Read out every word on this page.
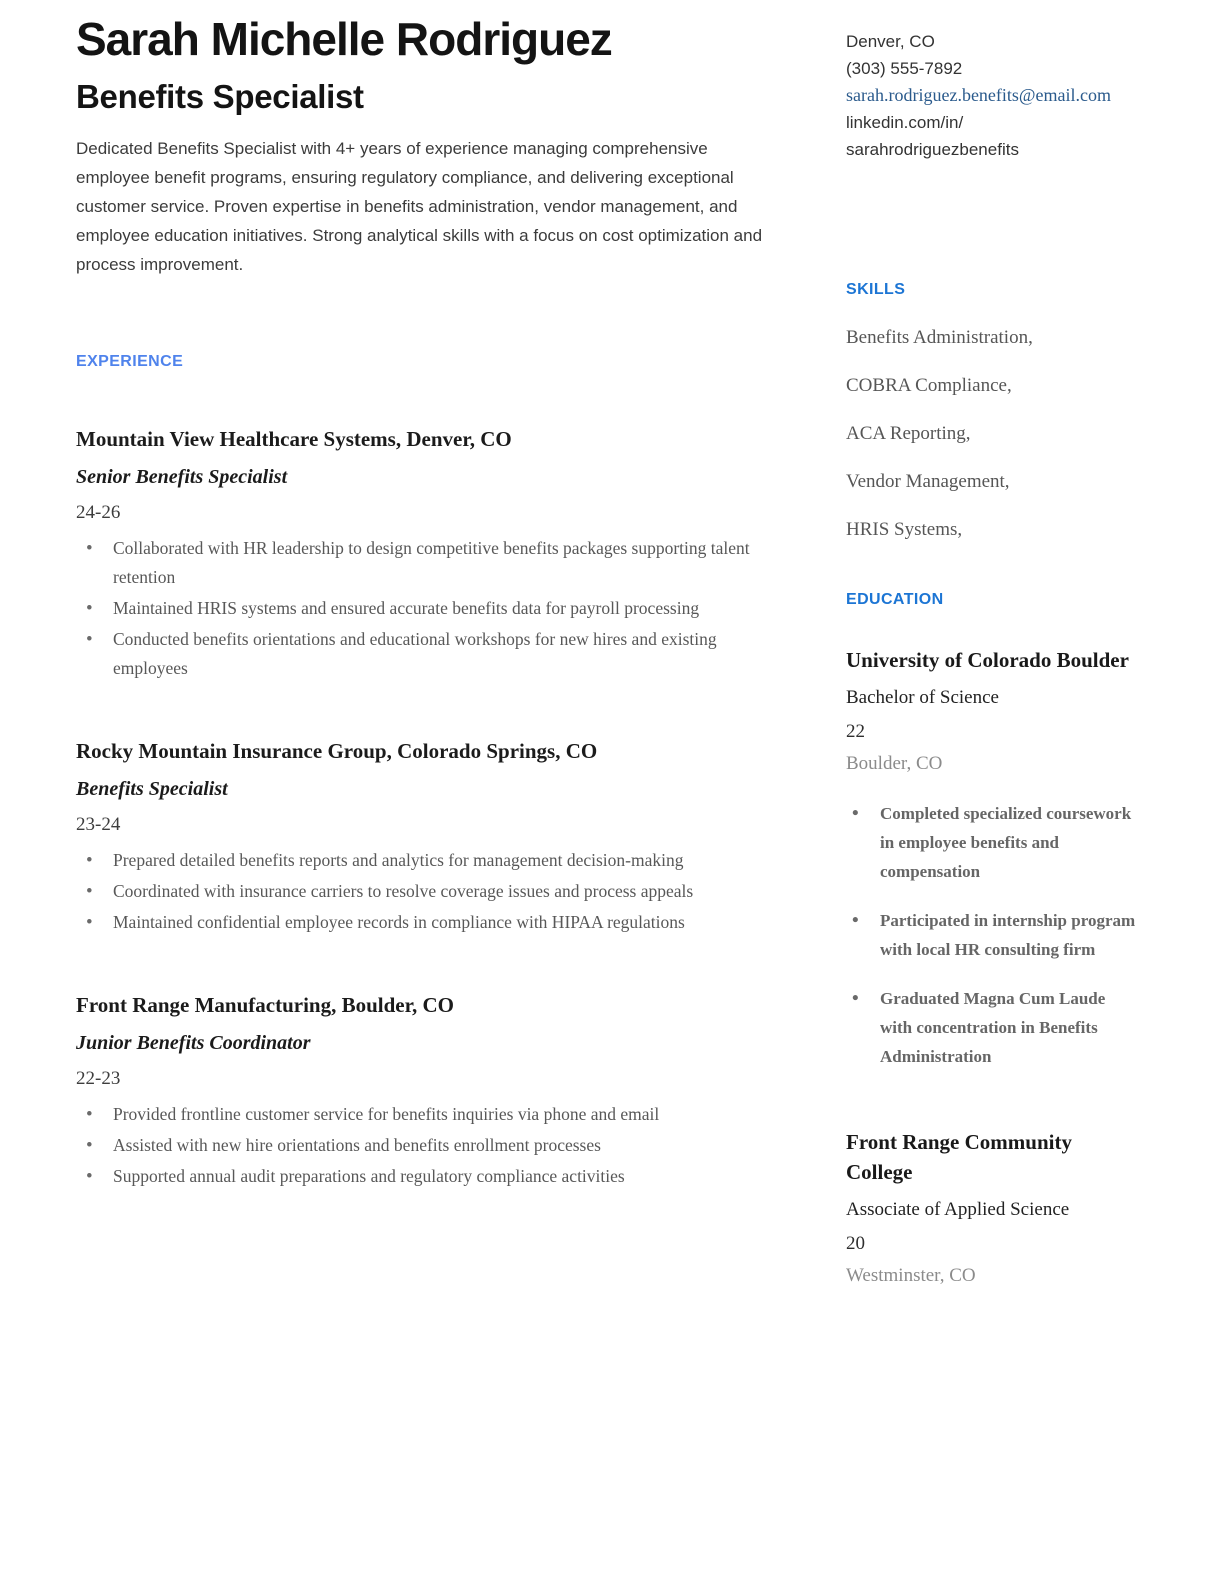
Sarah Michelle Rodriguez
Benefits Specialist

Dedicated Benefits Specialist with 4+ years of experience managing comprehensive employee benefit programs, ensuring regulatory compliance, and delivering exceptional customer service. Proven expertise in benefits administration, vendor management, and employee education initiatives. Strong analytical skills with a focus on cost optimization and process improvement.

EXPERIENCE
Mountain View Healthcare Systems, Denver, CO
Senior Benefits Specialist
24-26
• Collaborated with HR leadership to design competitive benefits packages supporting talent retention
• Maintained HRIS systems and ensured accurate benefits data for payroll processing
• Conducted benefits orientations and educational workshops for new hires and existing employees
Rocky Mountain Insurance Group, Colorado Springs, CO
Benefits Specialist
23-24
• Prepared detailed benefits reports and analytics for management decision-making
• Coordinated with insurance carriers to resolve coverage issues and process appeals
• Maintained confidential employee records in compliance with HIPAA regulations
Front Range Manufacturing, Boulder, CO
Junior Benefits Coordinator
22-23
• Provided frontline customer service for benefits inquiries via phone and email
• Assisted with new hire orientations and benefits enrollment processes
• Supported annual audit preparations and regulatory compliance activities
Denver, CO
(303) 555-7892
sarah.rodriguez.benefits@email.com
linkedin.com/in/
sarahrodriguezbenefits
SKILLS
Benefits Administration,
COBRA Compliance,
ACA Reporting,
Vendor Management,
HRIS Systems,
EDUCATION
University of Colorado Boulder
Bachelor of Science
22
Boulder, CO
• Completed specialized coursework in employee benefits and compensation
• Participated in internship program with local HR consulting firm
• Graduated Magna Cum Laude with concentration in Benefits Administration
Front Range Community College
Associate of Applied Science
20
Westminster, CO
